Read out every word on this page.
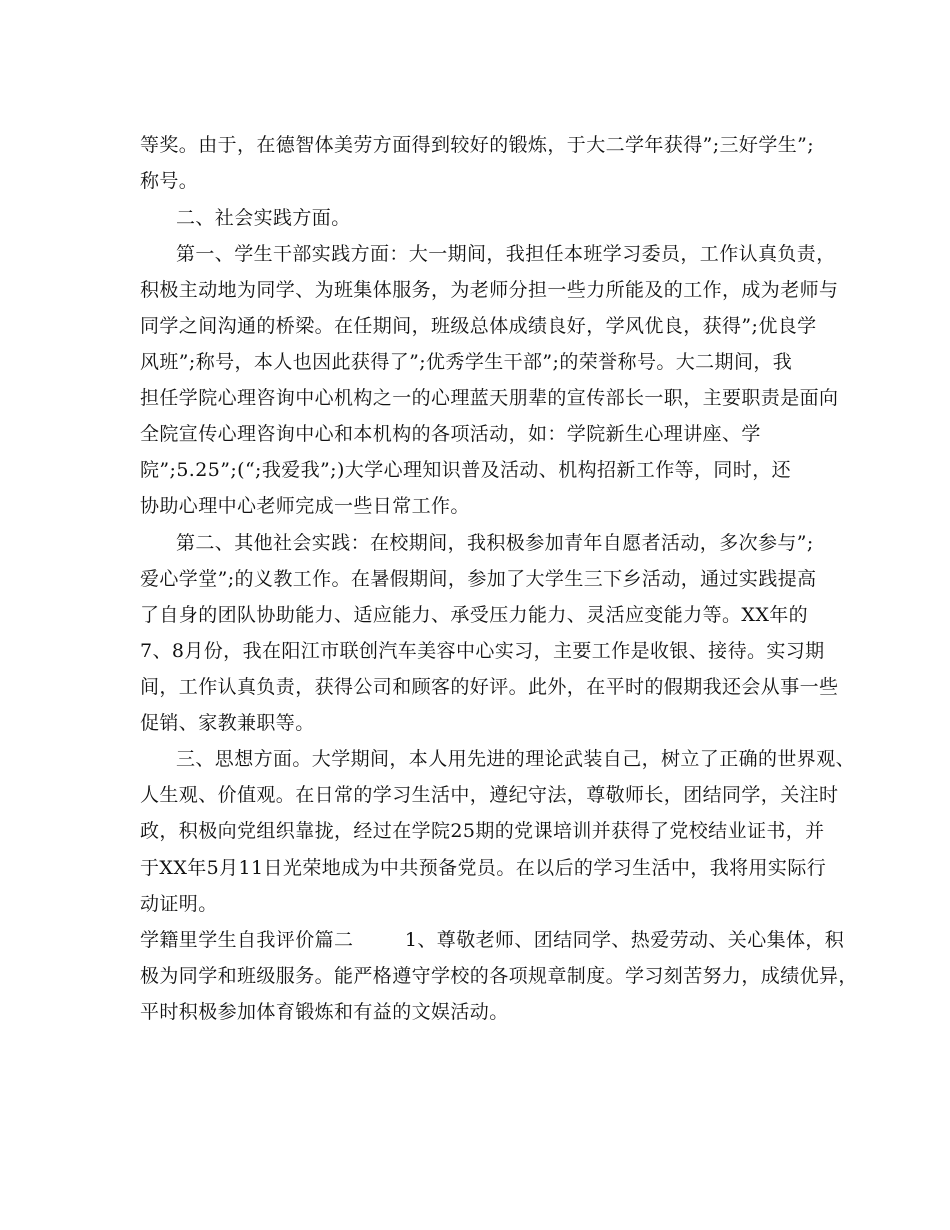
等奖。由于，在德智体美劳方面得到较好的锻炼，于大二学年获得”;三好学生”;
称号。
二、社会实践方面。
第一、学生干部实践方面：大一期间，我担任本班学习委员，工作认真负责，
积极主动地为同学、为班集体服务，为老师分担一些力所能及的工作，成为老师与
同学之间沟通的桥梁。在任期间，班级总体成绩良好，学风优良，获得”;优良学
风班”;称号，本人也因此获得了”;优秀学生干部”;的荣誉称号。大二期间，我
担任学院心理咨询中心机构之一的心理蓝天朋辈的宣传部长一职，主要职责是面向
全院宣传心理咨询中心和本机构的各项活动，如：学院新生心理讲座、学
院”;5.25”;(“;我爱我”;)大学心理知识普及活动、机构招新工作等，同时，还
协助心理中心老师完成一些日常工作。
第二、其他社会实践：在校期间，我积极参加青年自愿者活动，多次参与”;
爱心学堂”;的义教工作。在暑假期间，参加了大学生三下乡活动，通过实践提高
了自身的团队协助能力、适应能力、承受压力能力、灵活应变能力等。XX年的
7、8月份，我在阳江市联创汽车美容中心实习，主要工作是收银、接待。实习期
间，工作认真负责，获得公司和顾客的好评。此外，在平时的假期我还会从事一些
促销、家教兼职等。
三、思想方面。大学期间，本人用先进的理论武装自己，树立了正确的世界观、
人生观、价值观。在日常的学习生活中，遵纪守法，尊敬师长，团结同学，关注时
政，积极向党组织靠拢，经过在学院25期的党课培训并获得了党校结业证书，并
于XX年5月11日光荣地成为中共预备党员。在以后的学习生活中，我将用实际行
动证明。
学籍里学生自我评价篇二        1、尊敬老师、团结同学、热爱劳动、关心集体，积
极为同学和班级服务。能严格遵守学校的各项规章制度。学习刻苦努力，成绩优异，
平时积极参加体育锻炼和有益的文娱活动。
